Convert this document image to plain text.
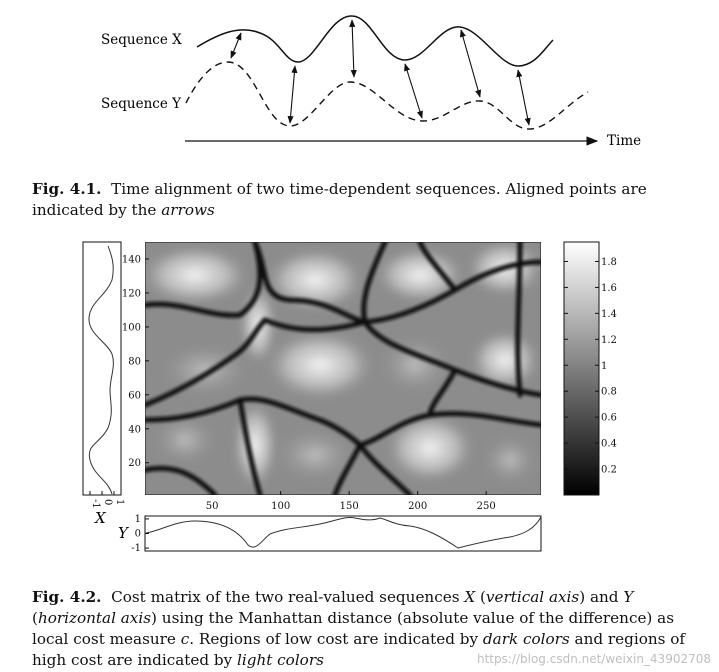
Sequence X
Sequence Y
Time
Fig. 4.1. Time alignment of two time-dependent sequences. Aligned points are indicated by the arrows
20
40
60
80
100
120
140
50	100	150	200	250
0.2
0.4
0.6
0.8
1
1.2
1.4
1.6
1.8
-1 0 1
X	1
0
-1
Y
Fig. 4.2. Cost matrix of the two real-valued sequences X (vertical axis) and Y (horizontal axis) using the Manhattan distance (absolute value of the difference) as local cost measure c. Regions of low cost are indicated by dark colors and regions of high cost are indicated by light colors	https://blog.csdn.net/weixin_43902708
